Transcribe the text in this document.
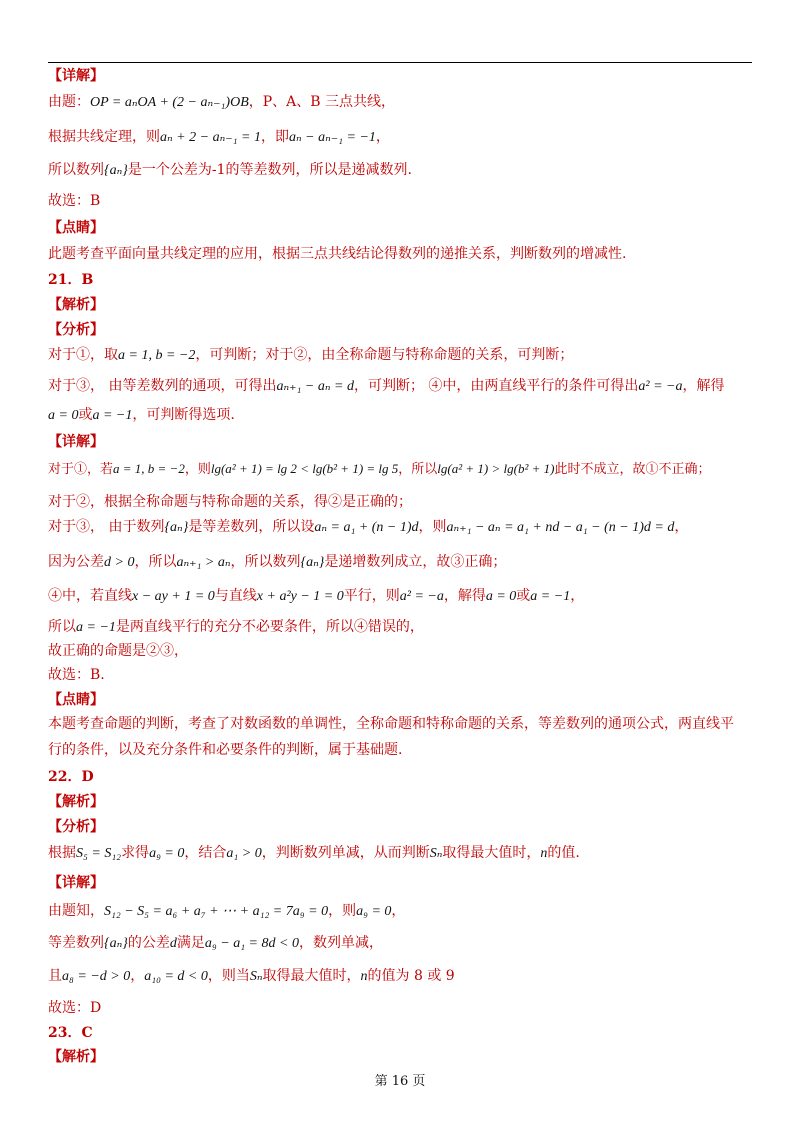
【详解】
由题：OP = aₙOA + (2 − aₙ₋₁)OB，P、A、B 三点共线，
根据共线定理，则aₙ + 2 − aₙ₋₁ = 1，即aₙ − aₙ₋₁ = −1，
所以数列{aₙ}是一个公差为-1的等差数列，所以是递减数列.
故选：B
【点睛】
此题考查平面向量共线定理的应用，根据三点共线结论得数列的递推关系，判断数列的增减性.
21．B
【解析】
【分析】
对于①，取a = 1, b = −2，可判断；对于②，由全称命题与特称命题的关系，可判断；
对于③， 由等差数列的通项，可得出aₙ₊₁ − aₙ = d，可判断； ④中，由两直线平行的条件可得出a² = −a，解得
a = 0或a = −1，可判断得选项.
【详解】
对于①，若a = 1, b = −2，则lg(a² + 1) = lg 2 < lg(b² + 1) = lg 5，所以lg(a² + 1) > lg(b² + 1)此时不成立，故①不正确；
对于②，根据全称命题与特称命题的关系，得②是正确的；
对于③， 由于数列{aₙ}是等差数列，所以设aₙ = a₁ + (n − 1)d，则aₙ₊₁ − aₙ = a₁ + nd − a₁ − (n − 1)d = d，
因为公差d > 0，所以aₙ₊₁ > aₙ，所以数列{aₙ}是递增数列成立，故③正确；
④中，若直线x − ay + 1 = 0与直线x + a²y − 1 = 0平行，则a² = −a，解得a = 0或a = −1，
所以a = −1是两直线平行的充分不必要条件，所以④错误的，
故正确的命题是②③，
故选：B.
【点睛】
本题考查命题的判断，考查了对数函数的单调性，全称命题和特称命题的关系，等差数列的通项公式，两直线平
行的条件，以及充分条件和必要条件的判断，属于基础题.
22．D
【解析】
【分析】
根据S₅ = S₁₂求得a₉ = 0，结合a₁ > 0，判断数列单减，从而判断Sₙ取得最大值时，n的值.
【详解】
由题知，S₁₂ − S₅ = a₆ + a₇ + ⋯ + a₁₂ = 7a₉ = 0，则a₉ = 0，
等差数列{aₙ}的公差d满足a₉ − a₁ = 8d < 0，数列单减，
且a₈ = −d > 0，a₁₀ = d < 0，则当Sₙ取得最大值时，n的值为 8 或 9
故选：D
23．C
【解析】
第 16 页
